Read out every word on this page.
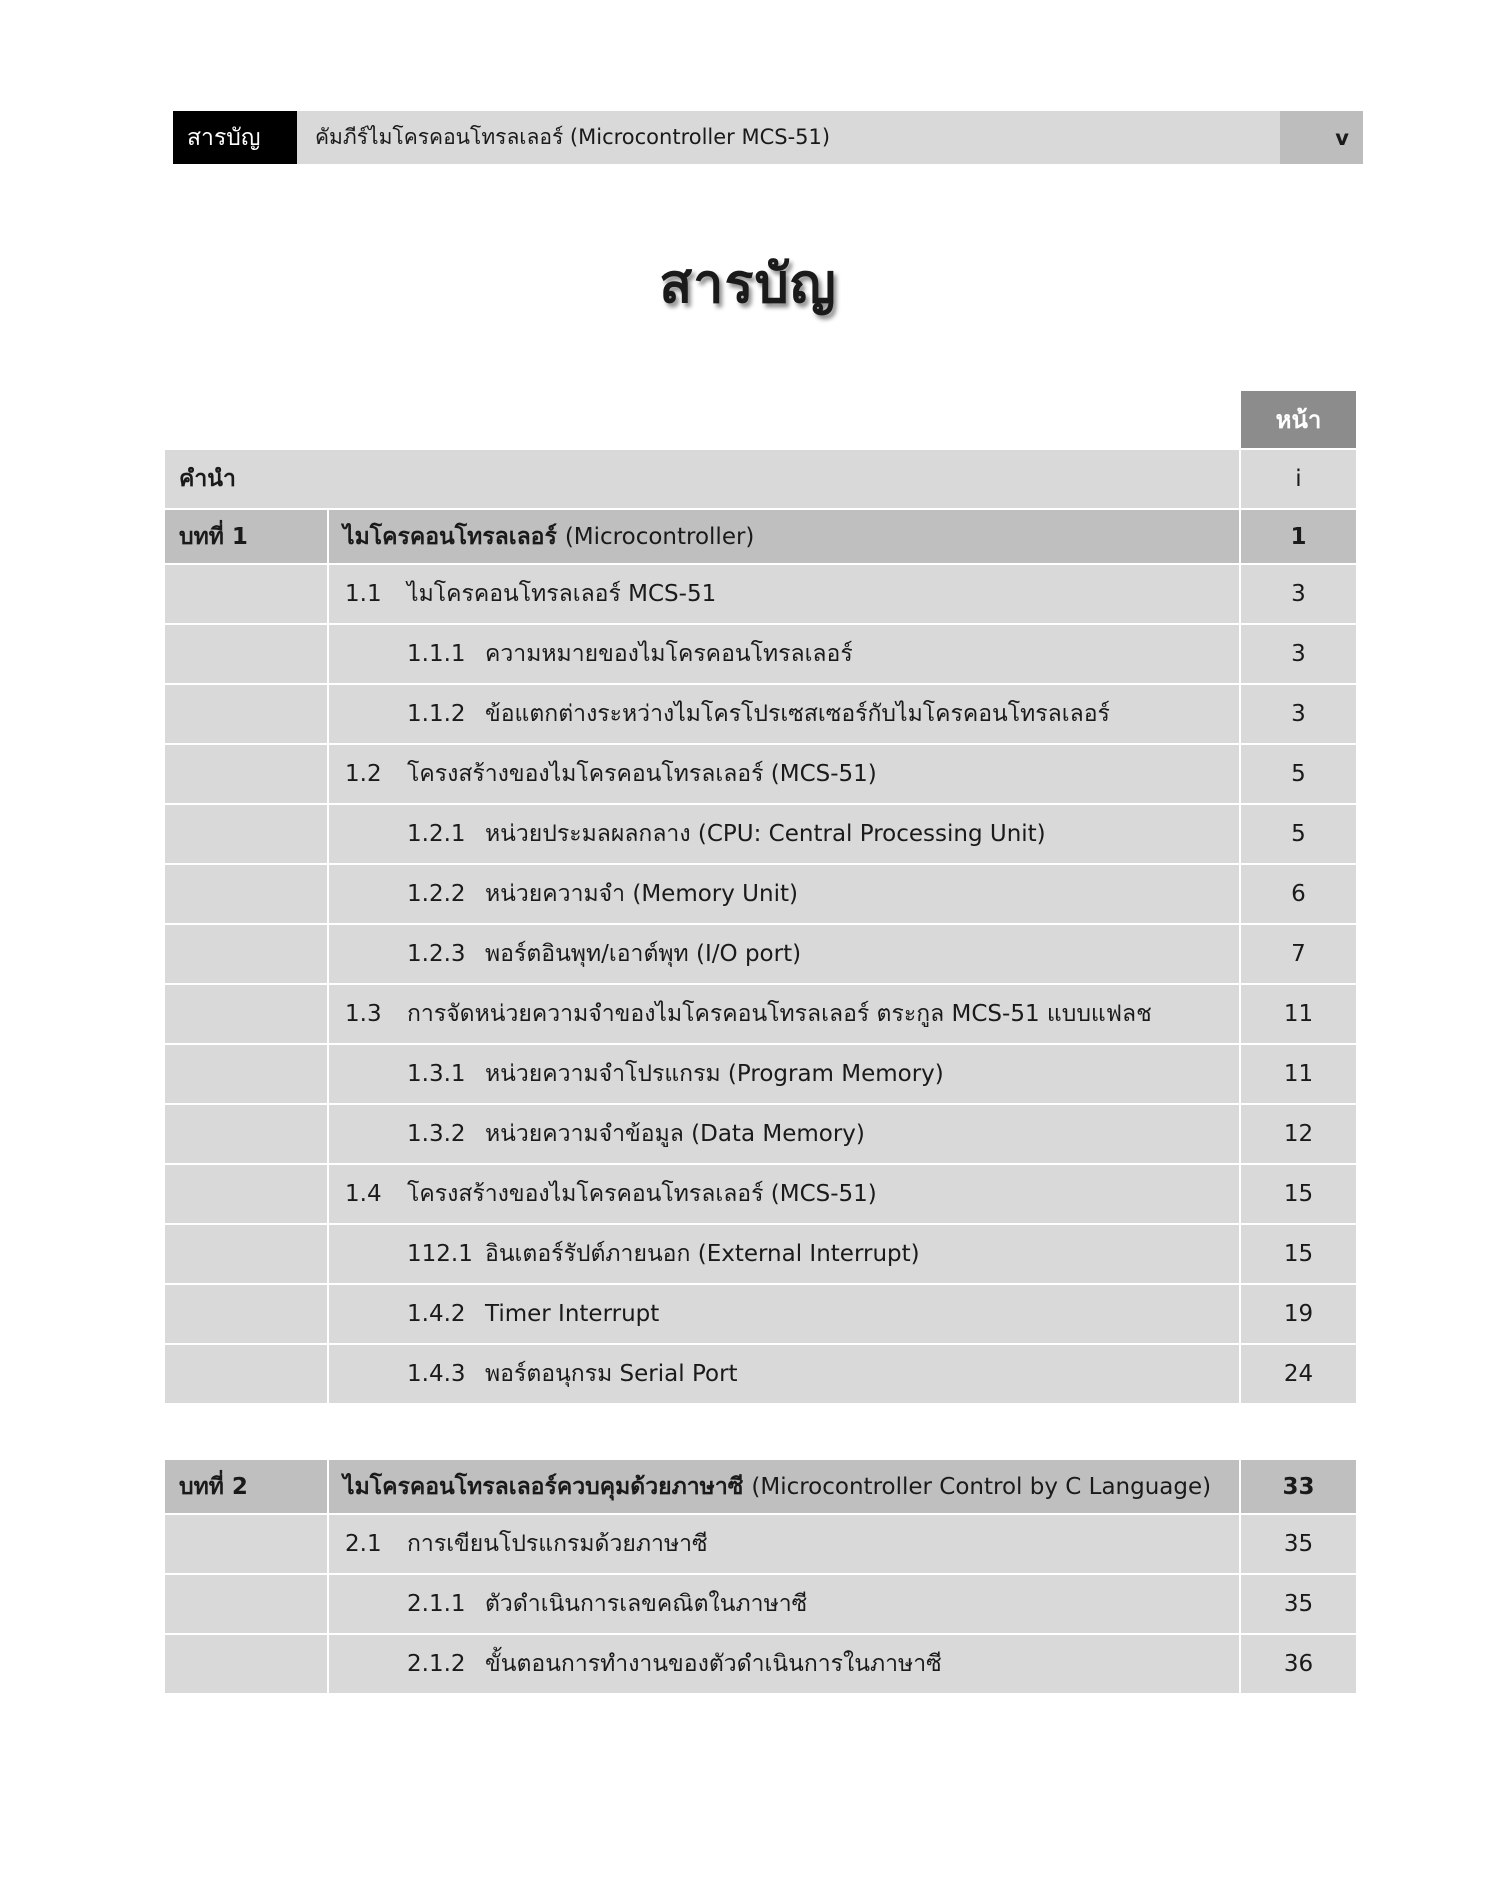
สารบัญ	คัมภีร์ไมโครคอนโทรลเลอร์ (Microcontroller MCS-51)	v
สารบัญ
หน้า
คำนำ	i
บทที่ 1	ไมโครคอนโทรลเลอร์ (Microcontroller)	1
1.1	ไมโครคอนโทรลเลอร์ MCS-51	3
1.1.1 ความหมายของไมโครคอนโทรลเลอร์	3
1.1.2 ข้อแตกต่างระหว่างไมโครโปรเซสเซอร์กับไมโครคอนโทรลเลอร์	3
1.2	โครงสร้างของไมโครคอนโทรลเลอร์ (MCS-51)	5
1.2.1 หน่วยประมลผลกลาง (CPU: Central Processing Unit)	5
1.2.2 หน่วยความจำ (Memory Unit)	6
1.2.3 พอร์ตอินพุท/เอาต์พุท (I/O port)	7
1.3	การจัดหน่วยความจำของไมโครคอนโทรลเลอร์ ตระกูล MCS-51 แบบแฟลช	11
1.3.1 หน่วยความจำโปรแกรม (Program Memory)	11
1.3.2 หน่วยความจำข้อมูล (Data Memory)	12
1.4	โครงสร้างของไมโครคอนโทรลเลอร์ (MCS-51)	15
112.1 อินเตอร์รัปต์ภายนอก (External Interrupt)	15
1.4.2 Timer Interrupt	19
1.4.3 พอร์ตอนุกรม Serial Port	24
บทที่ 2	ไมโครคอนโทรลเลอร์ควบคุมด้วยภาษาซี (Microcontroller Control by C Language)	33
2.1	การเขียนโปรแกรมด้วยภาษาซี	35
2.1.1 ตัวดำเนินการเลขคณิตในภาษาซี	35
2.1.2 ขั้นตอนการทำงานของตัวดำเนินการในภาษาซี	36
